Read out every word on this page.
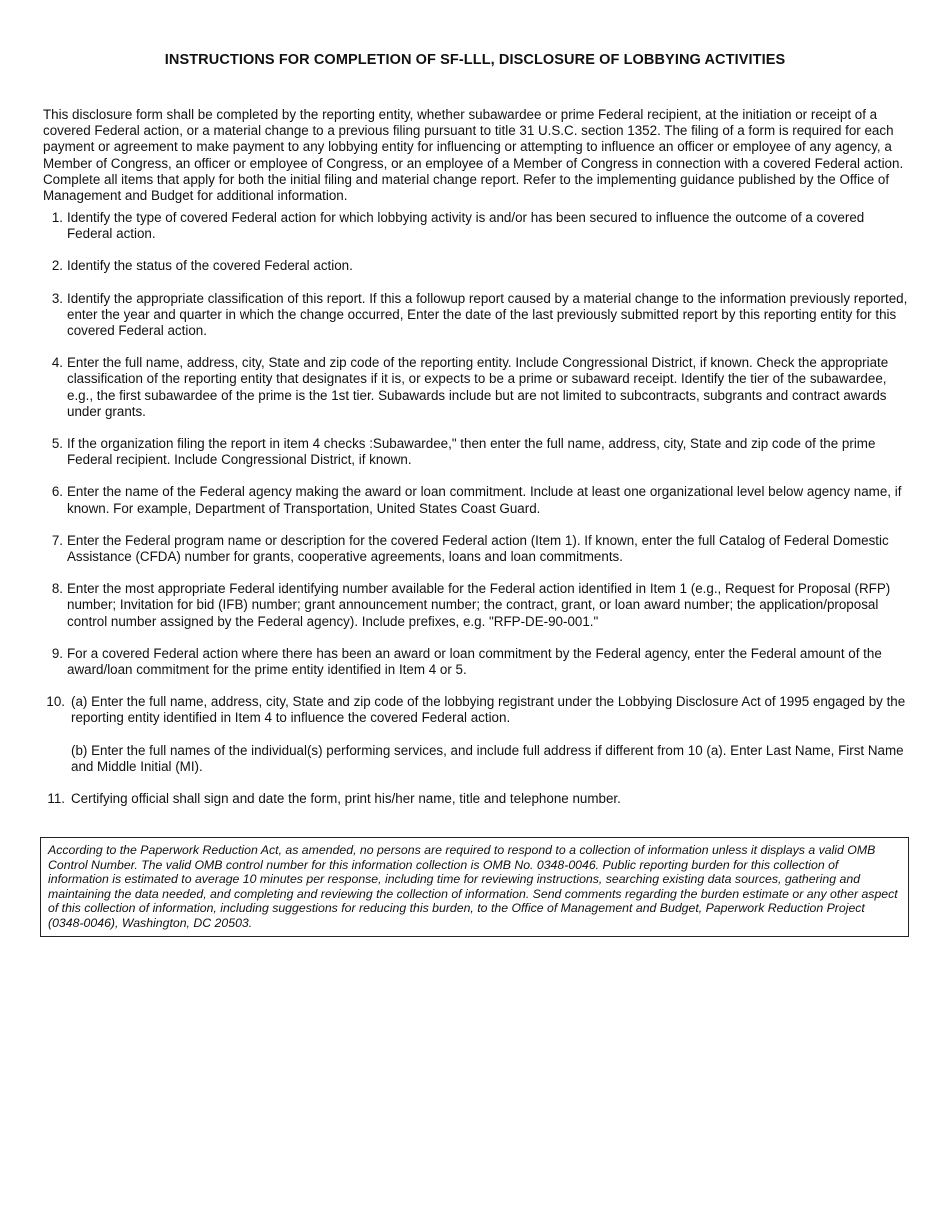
INSTRUCTIONS FOR COMPLETION OF SF-LLL, DISCLOSURE OF LOBBYING ACTIVITIES

This disclosure form shall be completed by the reporting entity, whether subawardee or prime Federal recipient, at the initiation or receipt of a covered Federal action, or a material change to a previous filing pursuant to title 31 U.S.C. section 1352. The filing of a form is required for each payment or agreement to make payment to any lobbying entity for influencing or attempting to influence an officer or employee of any agency, a Member of Congress, an officer or employee of Congress, or an employee of a Member of Congress in connection with a covered Federal action. Complete all items that apply for both the initial filing and material change report. Refer to the implementing guidance published by the Office of Management and Budget for additional information.

1. Identify the type of covered Federal action for which lobbying activity is and/or has been secured to influence the outcome of a covered Federal action.
2. Identify the status of the covered Federal action.
3. Identify the appropriate classification of this report. If this a followup report caused by a material change to the information previously reported, enter the year and quarter in which the change occurred, Enter the date of the last previously submitted report by this reporting entity for this covered Federal action.
4. Enter the full name, address, city, State and zip code of the reporting entity. Include Congressional District, if known. Check the appropriate classification of the reporting entity that designates if it is, or expects to be a prime or subaward receipt. Identify the tier of the subawardee, e.g., the first subawardee of the prime is the 1st tier. Subawards include but are not limited to subcontracts, subgrants and contract awards under grants.
5. If the organization filing the report in item 4 checks :Subawardee," then enter the full name, address, city, State and zip code of the prime Federal recipient. Include Congressional District, if known.
6. Enter the name of the Federal agency making the award or loan commitment. Include at least one organizational level below agency name, if known. For example, Department of Transportation, United States Coast Guard.
7. Enter the Federal program name or description for the covered Federal action (Item 1). If known, enter the full Catalog of Federal Domestic Assistance (CFDA) number for grants, cooperative agreements, loans and loan commitments.
8. Enter the most appropriate Federal identifying number available for the Federal action identified in Item 1 (e.g., Request for Proposal (RFP) number; Invitation for bid (IFB) number; grant announcement number; the contract, grant, or loan award number; the application/proposal control number assigned by the Federal agency). Include prefixes, e.g. "RFP-DE-90-001."
9. For a covered Federal action where there has been an award or loan commitment by the Federal agency, enter the Federal amount of the award/loan commitment for the prime entity identified in Item 4 or 5.
10. (a) Enter the full name, address, city, State and zip code of the lobbying registrant under the Lobbying Disclosure Act of 1995 engaged by the reporting entity identified in Item 4 to influence the covered Federal action.
(b) Enter the full names of the individual(s) performing services, and include full address if different from 10 (a). Enter Last Name, First Name and Middle Initial (MI).
11. Certifying official shall sign and date the form, print his/her name, title and telephone number.
According to the Paperwork Reduction Act, as amended, no persons are required to respond to a collection of information unless it displays a valid OMB Control Number. The valid OMB control number for this information collection is OMB No. 0348-0046. Public reporting burden for this collection of information is estimated to average 10 minutes per response, including time for reviewing instructions, searching existing data sources, gathering and maintaining the data needed, and completing and reviewing the collection of information. Send comments regarding the burden estimate or any other aspect of this collection of information, including suggestions for reducing this burden, to the Office of Management and Budget, Paperwork Reduction Project (0348-0046), Washington, DC 20503.
